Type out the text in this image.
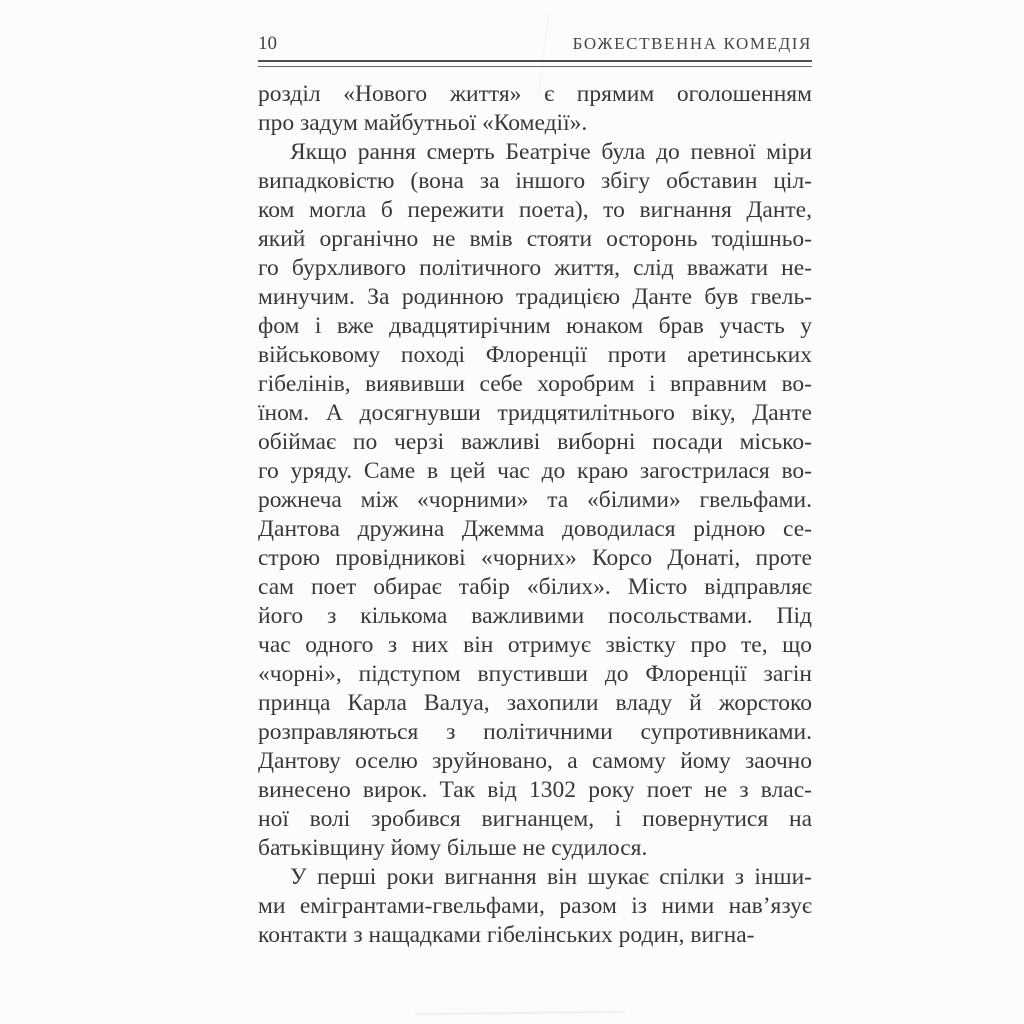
10	БОЖЕСТВЕННА КОМЕДІЯ
розділ «Нового життя» є прямим оголошенням
про задум майбутньої «Комедії».
Якщо рання смерть Беатріче була до певної міри
випадковістю (вона за іншого збігу обставин ціл-
ком могла б пережити поета), то вигнання Данте,
який органічно не вмів стояти осторонь тодішньо-
го бурхливого політичного життя, слід вважати не-
минучим. За родинною традицією Данте був гвель-
фом і вже двадцятирічним юнаком брав участь у
військовому поході Флоренції проти аретинських
гібелінів, виявивши себе хоробрим і вправним во-
їном. А досягнувши тридцятилітнього віку, Данте
обіймає по черзі важливі виборні посади місько-
го уряду. Саме в цей час до краю загострилася во-
рожнеча між «чорними» та «білими» гвельфами.
Дантова дружина Джемма доводилася рідною се-
строю провідникові «чорних» Корсо Донаті, проте
сам поет обирає табір «білих». Місто відправляє
його з кількома важливими посольствами. Під
час одного з них він отримує звістку про те, що
«чорні», підступом впустивши до Флоренції загін
принца Карла Валуа, захопили владу й жорстоко
розправляються з політичними супротивниками.
Дантову оселю зруйновано, а самому йому заочно
винесено вирок. Так від 1302 року поет не з влас-
ної волі зробився вигнанцем, і повернутися на
батьківщину йому більше не судилося.
У перші роки вигнання він шукає спілки з інши-
ми емігрантами-гвельфами, разом із ними нав’язує
контакти з нащадками гібелінських родин, вигна-
